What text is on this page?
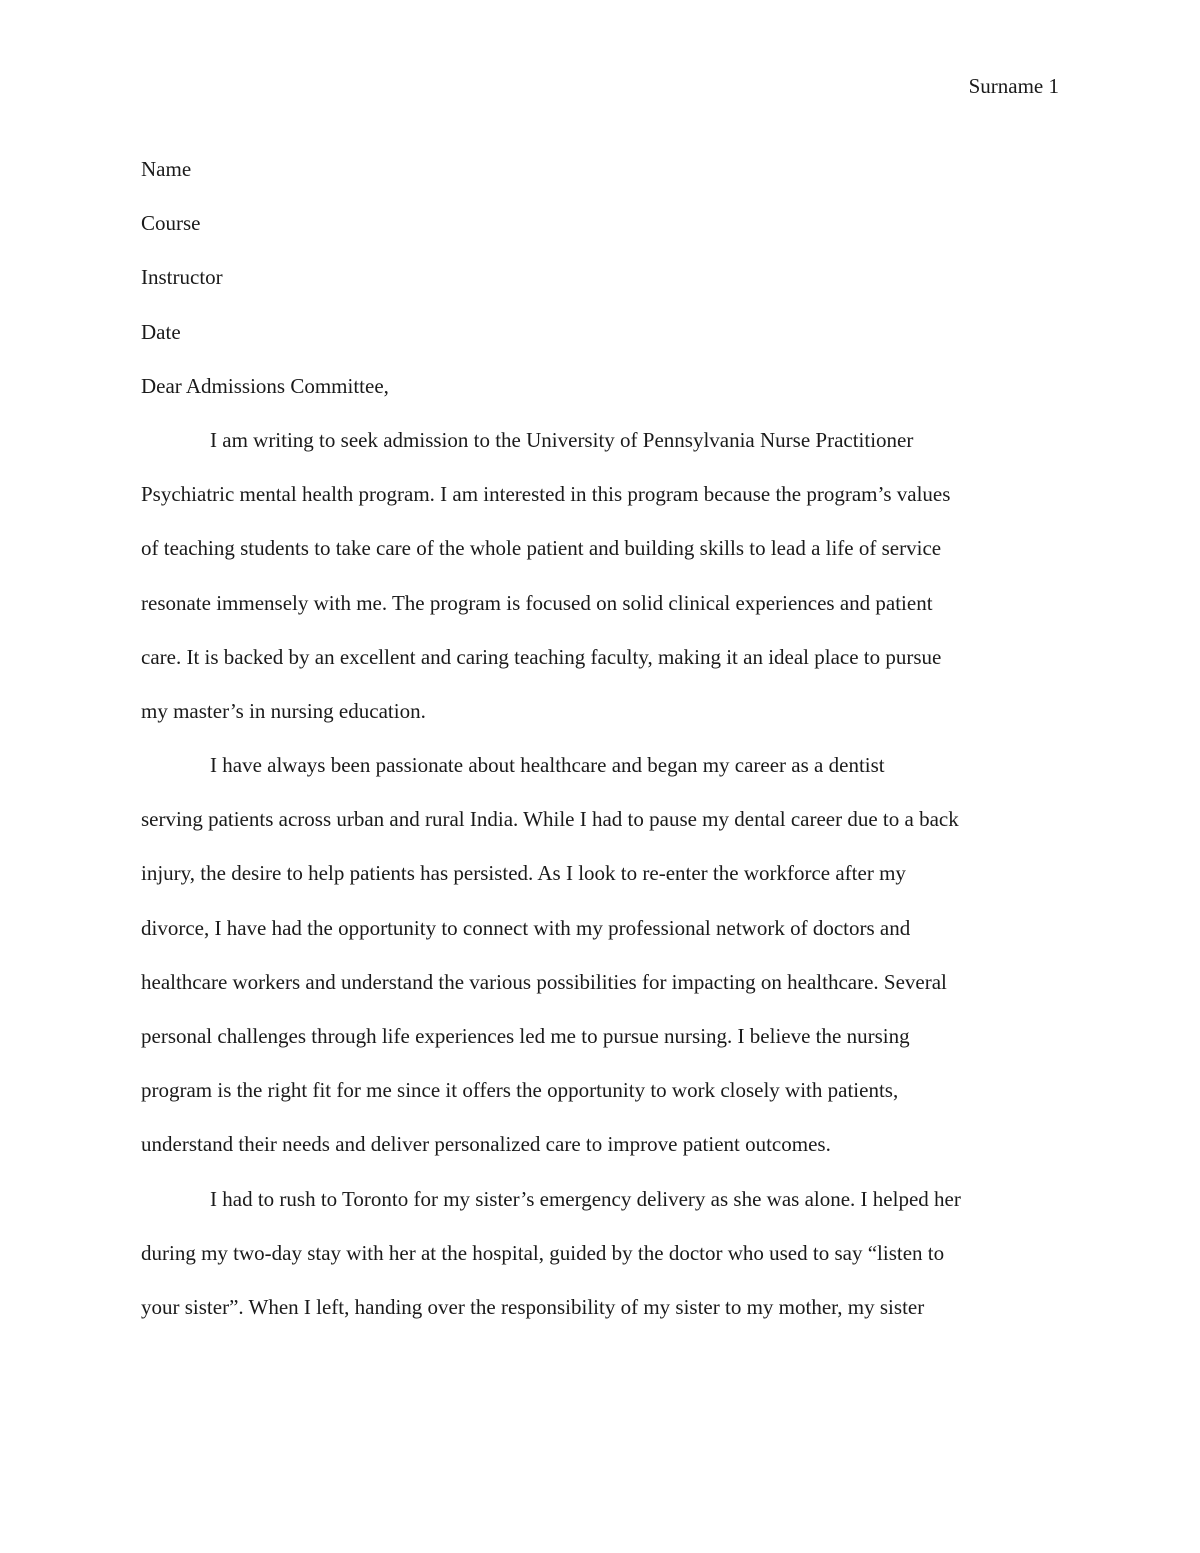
Surname 1
Name
Course
Instructor
Date
Dear Admissions Committee,
I am writing to seek admission to the University of Pennsylvania Nurse Practitioner
Psychiatric mental health program. I am interested in this program because the program’s values
of teaching students to take care of the whole patient and building skills to lead a life of service
resonate immensely with me. The program is focused on solid clinical experiences and patient
care. It is backed by an excellent and caring teaching faculty, making it an ideal place to pursue
my master’s in nursing education.
I have always been passionate about healthcare and began my career as a dentist
serving patients across urban and rural India. While I had to pause my dental career due to a back
injury, the desire to help patients has persisted. As I look to re-enter the workforce after my
divorce, I have had the opportunity to connect with my professional network of doctors and
healthcare workers and understand the various possibilities for impacting on healthcare. Several
personal challenges through life experiences led me to pursue nursing. I believe the nursing
program is the right fit for me since it offers the opportunity to work closely with patients,
understand their needs and deliver personalized care to improve patient outcomes.
I had to rush to Toronto for my sister’s emergency delivery as she was alone. I helped her
during my two-day stay with her at the hospital, guided by the doctor who used to say “listen to
your sister”. When I left, handing over the responsibility of my sister to my mother, my sister
